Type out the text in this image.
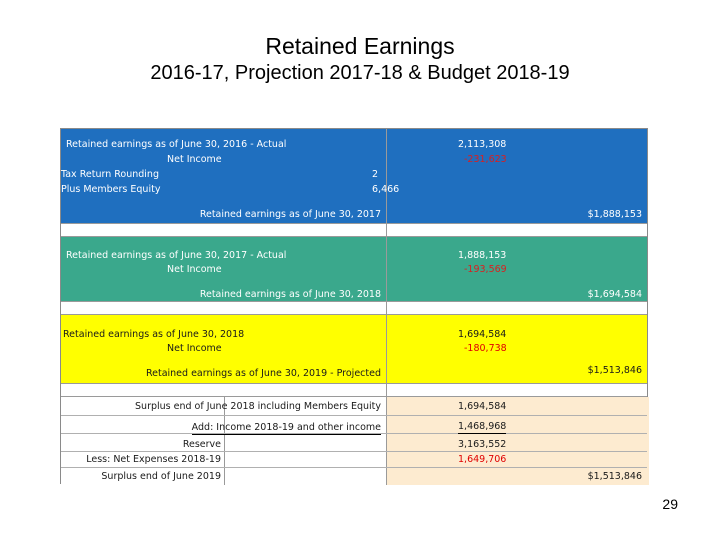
Retained Earnings
2016-17, Projection 2017-18 & Budget 2018-19
Retained earnings as of June 30, 2016 - Actual	2,113,308
Net Income	-231,623
Tax Return Rounding	2
Plus Members Equity	6,466
Retained earnings as of June 30, 2017	$1,888,153
Retained earnings as of June 30, 2017 - Actual	1,888,153
Net Income	-193,569
Retained earnings as of June 30, 2018	$1,694,584
Retained earnings as of June 30, 2018	1,694,584
Net Income	-180,738
Retained earnings as of June 30, 2019 - Projected	$1,513,846
Surplus end of June 2018 including Members Equity	1,694,584
Add: Income 2018-19 and other income	1,468,968
Reserve	3,163,552
Less: Net Expenses 2018-19	1,649,706
Surplus end of June 2019	$1,513,846
29
